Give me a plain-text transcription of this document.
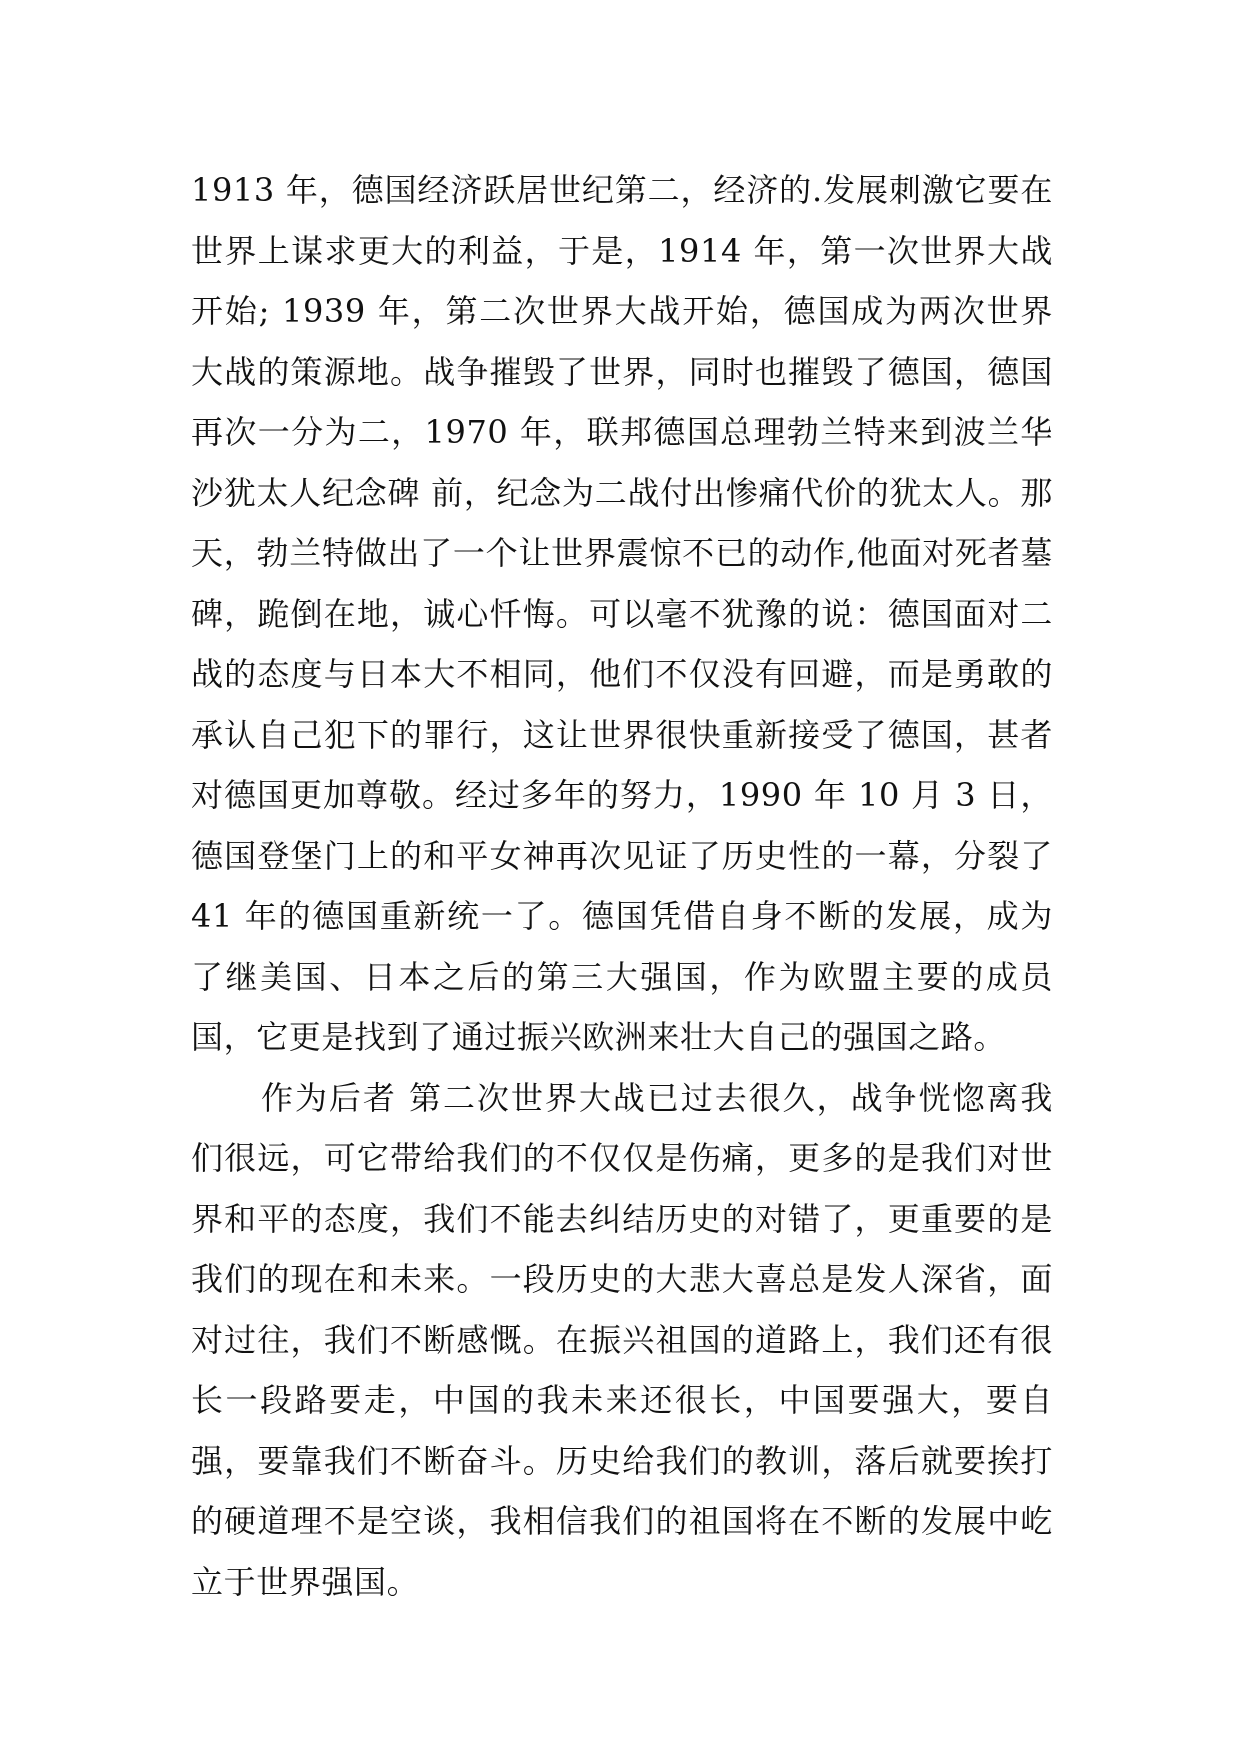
1913 年，德国经济跃居世纪第二，经济的.发展刺激它要在世界上谋求更大的利益，于是，1914 年，第一次世界大战开始; 1939 年，第二次世界大战开始，德国成为两次世界大战的策源地。战争摧毁了世界，同时也摧毁了德国，德国再次一分为二，1970 年，联邦德国总理勃兰特来到波兰华沙犹太人纪念碑 前，纪念为二战付出惨痛代价的犹太人。那天，勃兰特做出了一个让世界震惊不已的动作,他面对死者墓碑，跪倒在地，诚心忏悔。可以毫不犹豫的说：德国面对二战的态度与日本大不相同，他们不仅没有回避，而是勇敢的承认自己犯下的罪行，这让世界很快重新接受了德国，甚者对德国更加尊敬。经过多年的努力，1990 年 10 月 3 日，德国登堡门上的和平女神再次见证了历史性的一幕，分裂了 41 年的德国重新统一了。德国凭借自身不断的发展，成为了继美国、日本之后的第三大强国，作为欧盟主要的成员国，它更是找到了通过振兴欧洲来壮大自己的强国之路。

作为后者 第二次世界大战已过去很久，战争恍惚离我们很远，可它带给我们的不仅仅是伤痛，更多的是我们对世界和平的态度，我们不能去纠结历史的对错了，更重要的是我们的现在和未来。一段历史的大悲大喜总是发人深省，面对过往，我们不断感慨。在振兴祖国的道路上，我们还有很长一段路要走，中国的我未来还很长，中国要强大，要自强，要靠我们不断奋斗。历史给我们的教训，落后就要挨打的硬道理不是空谈，我相信我们的祖国将在不断的发展中屹立于世界强国。
